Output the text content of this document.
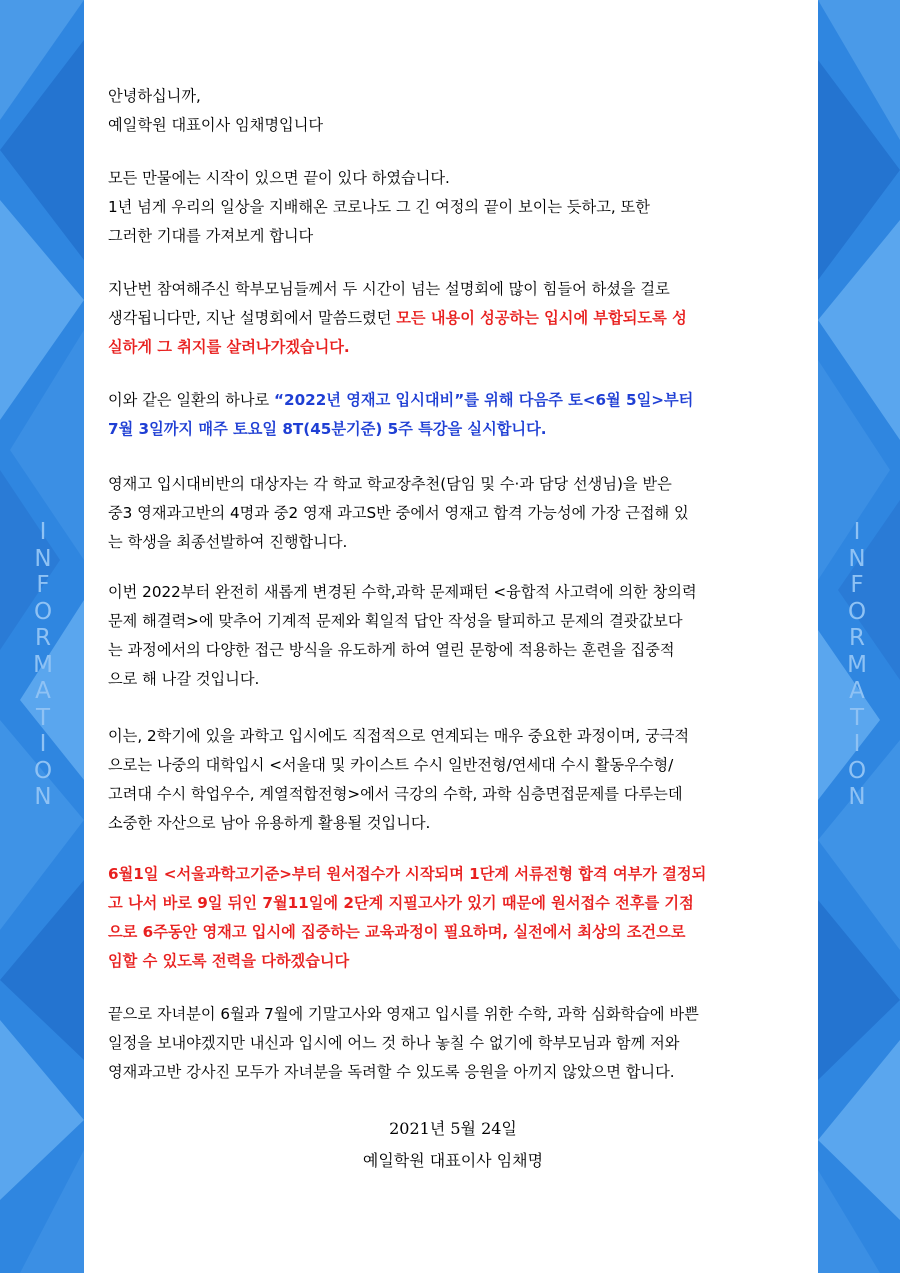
I
N
F
O
R
M
A
T
I
O
N
I
N
F
O
R
M
A
T
I
O
N
안녕하십니까,
예일학원 대표이사 임채명입니다
모든 만물에는 시작이 있으면 끝이 있다 하였습니다.
1년 넘게 우리의 일상을 지배해온 코로나도 그 긴 여정의 끝이 보이는 듯하고, 또한
그러한 기대를 가져보게 합니다
지난번 참여해주신 학부모님들께서 두 시간이 넘는 설명회에 많이 힘들어 하셨을 걸로
생각됩니다만, 지난 설명회에서 말씀드렸던 모든 내용이 성공하는 입시에 부합되도록 성
실하게 그 취지를 살려나가겠습니다.
이와 같은 일환의 하나로 “2022년 영재고 입시대비”를 위해 다음주 토<6월 5일>부터
7월 3일까지 매주 토요일 8T(45분기준) 5주 특강을 실시합니다.
영재고 입시대비반의 대상자는 각 학교 학교장추천(담임 및 수·과 담당 선생님)을 받은
중3 영재과고반의 4명과 중2 영재 과고S반 중에서 영재고 합격 가능성에 가장 근접해 있
는 학생을 최종선발하여 진행합니다.
이번 2022부터 완전히 새롭게 변경된 수학,과학 문제패턴 <융합적 사고력에 의한 창의력
문제 해결력>에 맞추어 기계적 문제와 획일적 답안 작성을 탈피하고 문제의 결괏값보다
는 과정에서의 다양한 접근 방식을 유도하게 하여 열린 문항에 적용하는 훈련을 집중적
으로 해 나갈 것입니다.
이는, 2학기에 있을 과학고 입시에도 직접적으로 연계되는 매우 중요한 과정이며, 궁극적
으로는 나중의 대학입시 <서울대 및 카이스트 수시 일반전형/연세대 수시 활동우수형/
고려대 수시 학업우수, 계열적합전형>에서 극강의 수학, 과학 심층면접문제를 다루는데
소중한 자산으로 남아 유용하게 활용될 것입니다.
6월1일 <서울과학고기준>부터 원서접수가 시작되며 1단계 서류전형 합격 여부가 결정되
고 나서 바로 9일 뒤인 7월11일에 2단계 지필고사가 있기 때문에 원서접수 전후를 기점
으로 6주동안 영재고 입시에 집중하는 교육과정이 필요하며, 실전에서 최상의 조건으로
임할 수 있도록 전력을 다하겠습니다
끝으로 자녀분이 6월과 7월에 기말고사와 영재고 입시를 위한 수학, 과학 심화학습에 바쁜
일정을 보내야겠지만 내신과 입시에 어느 것 하나 놓칠 수 없기에 학부모님과 함께 저와
영재과고반 강사진 모두가 자녀분을 독려할 수 있도록 응원을 아끼지 않았으면 합니다.
2021년 5월 24일
예일학원 대표이사 임채명
